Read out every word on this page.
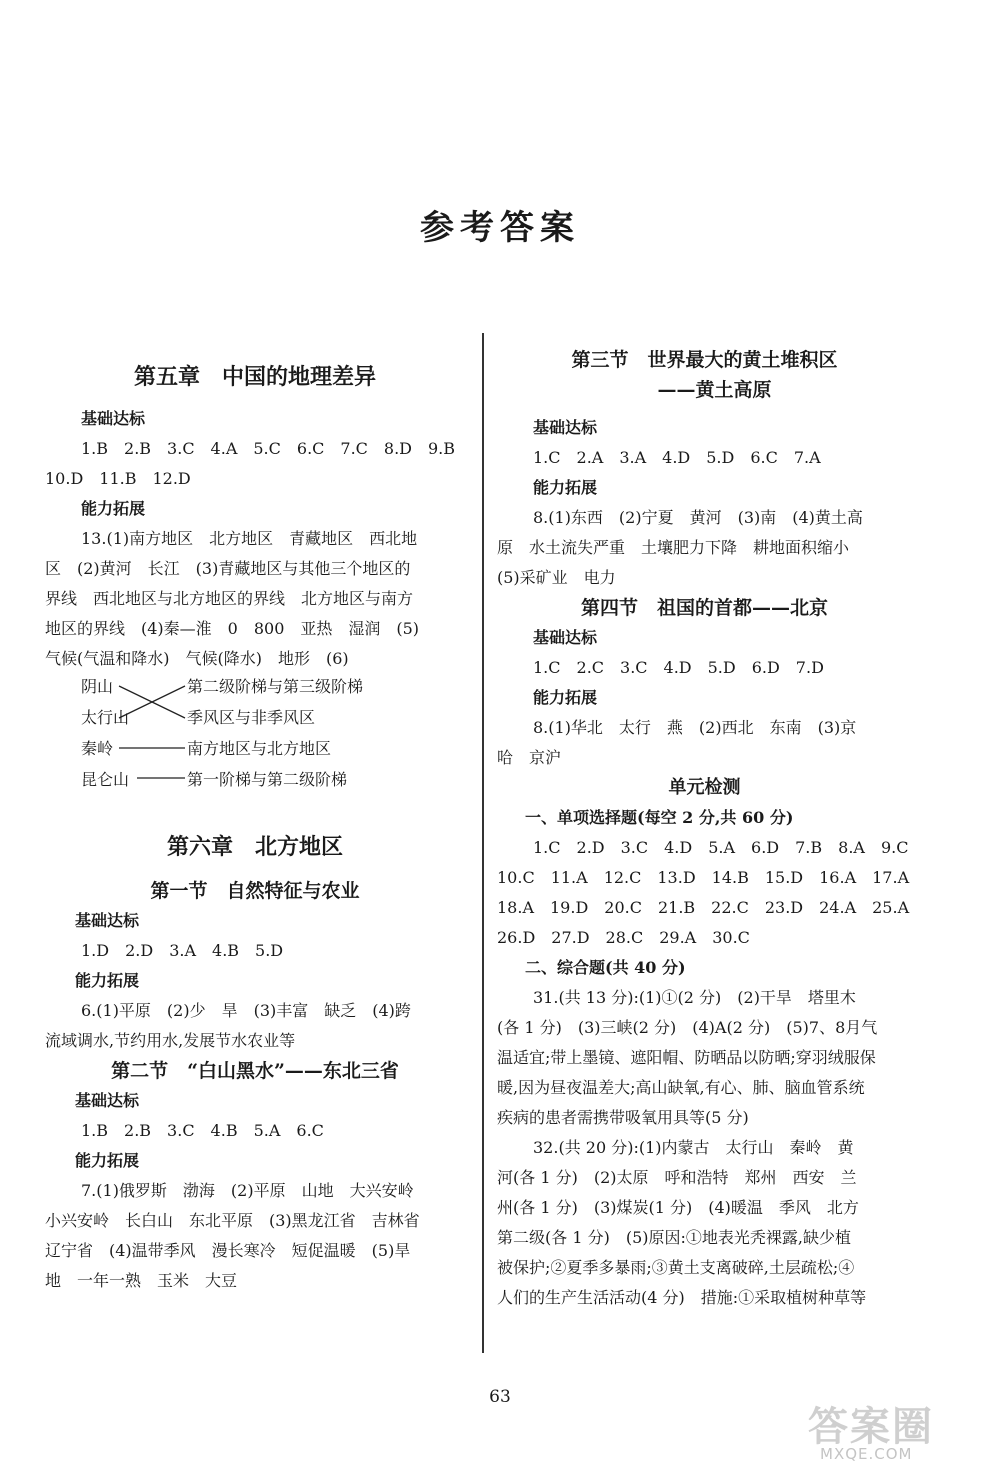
参考答案

第五章　中国的地理差异

基础达标

1.B　2.B　3.C　4.A　5.C　6.C　7.C　8.D　9.B

10.D　11.B　12.D

能力拓展

13.(1)南方地区　北方地区　青藏地区　西北地

区　(2)黄河　长江　(3)青藏地区与其他三个地区的

界线　西北地区与北方地区的界线　北方地区与南方

地区的界线　(4)秦—淮　0　800　亚热　湿润　(5)

气候(气温和降水)　气候(降水)　地形　(6)

阴山
太行山
秦岭
昆仑山
第二级阶梯与第三级阶梯
季风区与非季风区
南方地区与北方地区
第一阶梯与第二级阶梯

第六章　北方地区

第一节　自然特征与农业

基础达标

1.D　2.D　3.A　4.B　5.D

能力拓展

6.(1)平原　(2)少　旱　(3)丰富　缺乏　(4)跨

流域调水,节约用水,发展节水农业等

第二节　“白山黑水”——东北三省

基础达标

1.B　2.B　3.C　4.B　5.A　6.C

能力拓展

7.(1)俄罗斯　渤海　(2)平原　山地　大兴安岭

小兴安岭　长白山　东北平原　(3)黑龙江省　吉林省

辽宁省　(4)温带季风　漫长寒冷　短促温暖　(5)旱

地　一年一熟　玉米　大豆

第三节　世界最大的黄土堆积区

——黄土高原

基础达标

1.C　2.A　3.A　4.D　5.D　6.C　7.A

能力拓展

8.(1)东西　(2)宁夏　黄河　(3)南　(4)黄土高

原　水土流失严重　土壤肥力下降　耕地面积缩小

(5)采矿业　电力

第四节　祖国的首都——北京

基础达标

1.C　2.C　3.C　4.D　5.D　6.D　7.D

能力拓展

8.(1)华北　太行　燕　(2)西北　东南　(3)京

哈　京沪

单元检测

一、单项选择题(每空 2 分,共 60 分)

1.C　2.D　3.C　4.D　5.A　6.D　7.B　8.A　9.C

10.C　11.A　12.C　13.D　14.B　15.D　16.A　17.A

18.A　19.D　20.C　21.B　22.C　23.D　24.A　25.A

26.D　27.D　28.C　29.A　30.C

二、综合题(共 40 分)

31.(共 13 分):(1)①(2 分)　(2)干旱　塔里木

(各 1 分)　(3)三峡(2 分)　(4)A(2 分)　(5)7、8月气

温适宜;带上墨镜、遮阳帽、防晒品以防晒;穿羽绒服保

暖,因为昼夜温差大;高山缺氧,有心、肺、脑血管系统

疾病的患者需携带吸氧用具等(5 分)

32.(共 20 分):(1)内蒙古　太行山　秦岭　黄

河(各 1 分)　(2)太原　呼和浩特　郑州　西安　兰

州(各 1 分)　(3)煤炭(1 分)　(4)暖温　季风　北方

第二级(各 1 分)　(5)原因:①地表光秃裸露,缺少植

被保护;②夏季多暴雨;③黄土支离破碎,土层疏松;④

人们的生产生活活动(4 分)　措施:①采取植树种草等

63
答案圈
MXQE.COM
